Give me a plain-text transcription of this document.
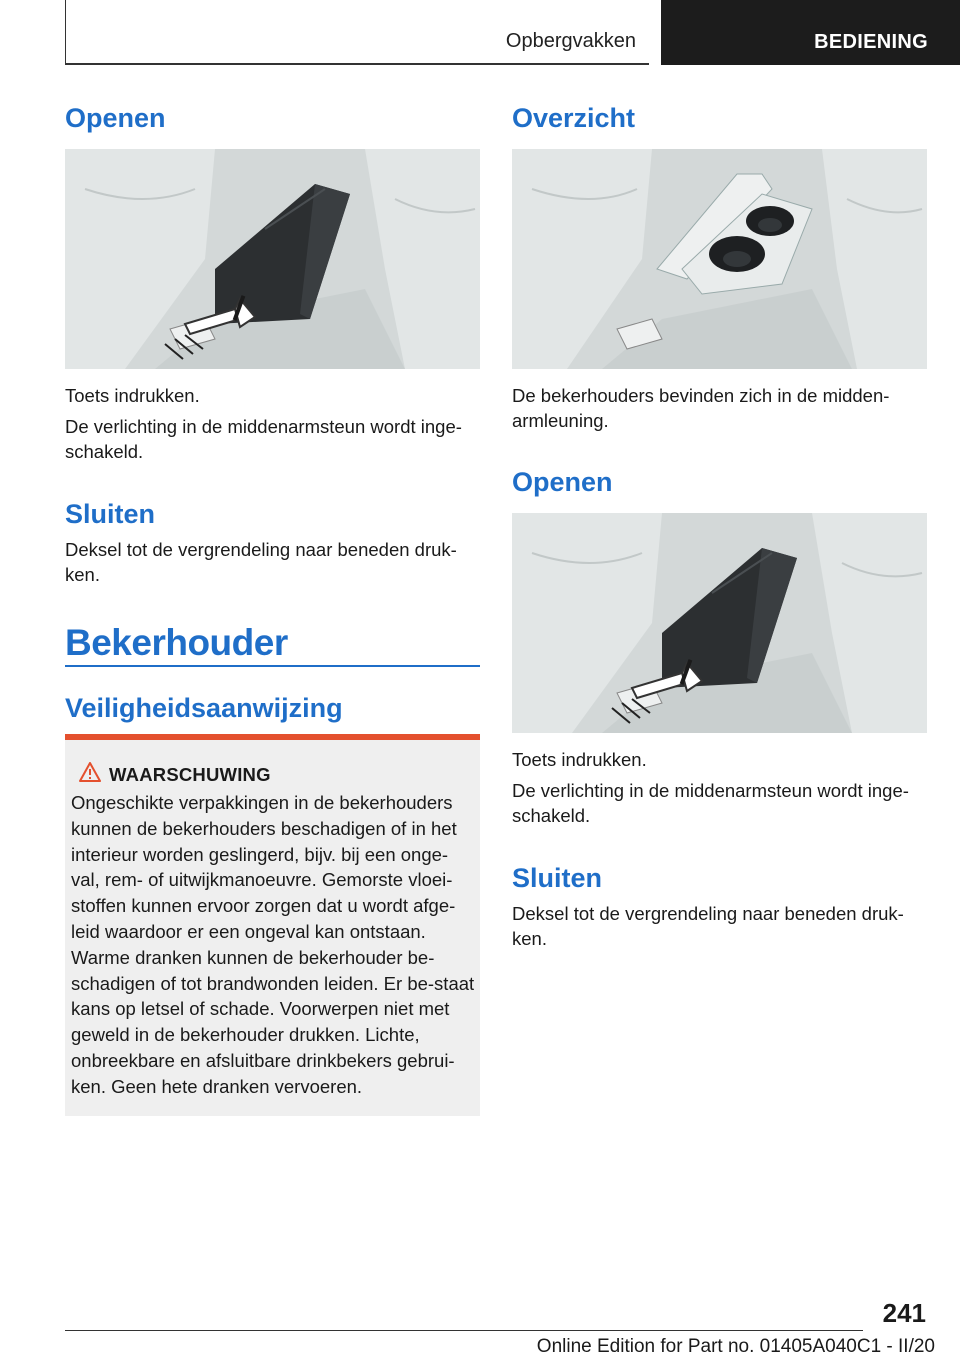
Opbergvakken	BEDIENING
Openen
Toets indrukken.
De verlichting in de middenarmsteun wordt inge-schakeld.
Sluiten
Deksel tot de vergrendeling naar beneden druk-ken.
Bekerhouder
Veiligheidsaanwijzing
WAARSCHUWING
Ongeschikte verpakkingen in de bekerhouders kunnen de bekerhouders beschadigen of in het interieur worden geslingerd, bijv. bij een onge-val, rem- of uitwijkmanoeuvre. Gemorste vloei-stoffen kunnen ervoor zorgen dat u wordt afge-leid waardoor er een ongeval kan ontstaan. Warme dranken kunnen de bekerhouder be-schadigen of tot brandwonden leiden. Er be-staat kans op letsel of schade. Voorwerpen niet met geweld in de bekerhouder drukken. Lichte, onbreekbare en afsluitbare drinkbekers gebrui-ken. Geen hete dranken vervoeren.
Overzicht
De bekerhouders bevinden zich in de midden-armleuning.
Openen
Toets indrukken.
De verlichting in de middenarmsteun wordt inge-schakeld.
Sluiten
Deksel tot de vergrendeling naar beneden druk-ken.
241
Online Edition for Part no. 01405A040C1 - II/20
